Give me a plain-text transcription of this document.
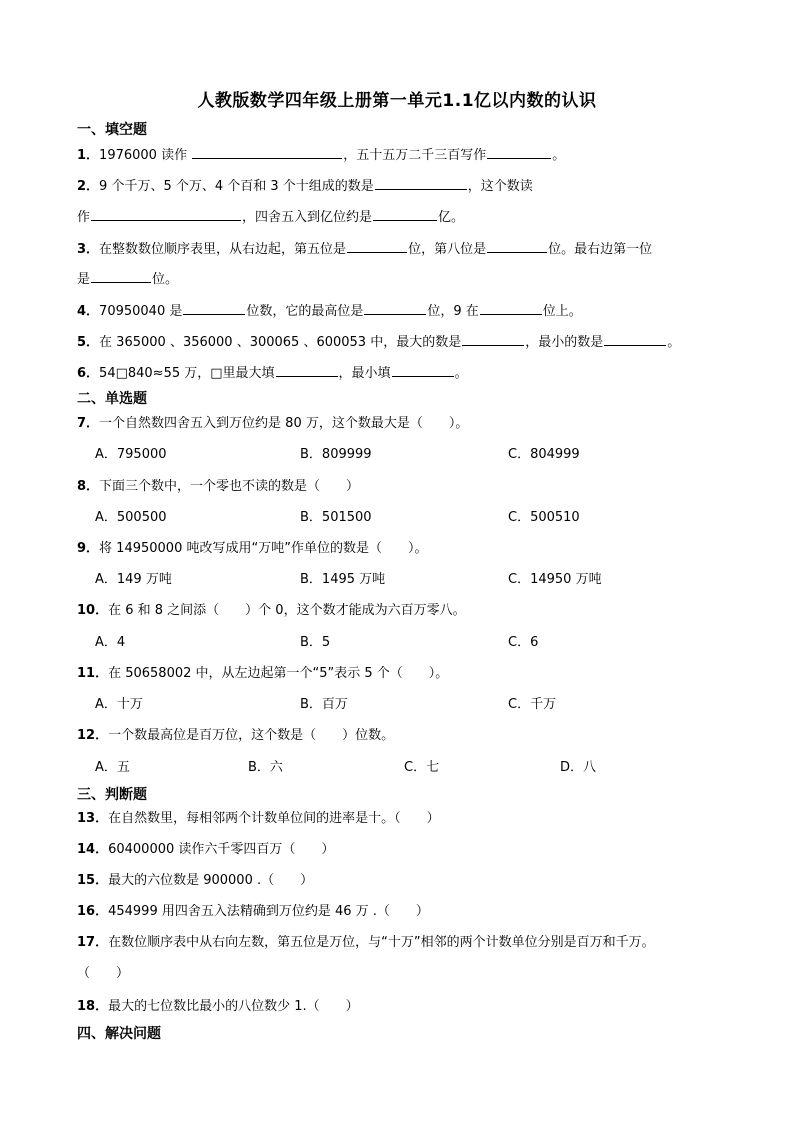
人教版数学四年级上册第一单元1.1亿以内数的认识
一、填空题
1．1976000 读作	，五十五万二千三百写作	。
2．9 个千万、5 个万、4 个百和 3 个十组成的数是	，这个数读
作	，四舍五入到亿位约是	亿。
3．在整数数位顺序表里，从右边起，第五位是	位，第八位是	位。最右边第一位
是	位。
4．70950040 是	位数，它的最高位是	位，9 在	位上。
5．在 365000 、356000 、300065 、600053 中，最大的数是	，最小的数是	。
6．54□840≈55 万，□里最大填	，最小填	。
二、单选题
7．一个自然数四舍五入到万位约是 80 万，这个数最大是（　　）。
A．795000	B．809999	C．804999
8．下面三个数中，一个零也不读的数是（　　）
A．500500	B．501500	C．500510
9．将 14950000 吨改写成用“万吨”作单位的数是（　　）。
A．149 万吨	B．1495 万吨	C．14950 万吨
10．在 6 和 8 之间添（　　）个 0，这个数才能成为六百万零八。
A．4	B．5	C．6
11．在 50658002 中，从左边起第一个“5”表示 5 个（　　）。
A．十万	B．百万	C．千万
12．一个数最高位是百万位，这个数是（　　）位数。
A．五	B．六	C．七	D．八
三、判断题
13．在自然数里，每相邻两个计数单位间的进率是十。（　　）
14．60400000 读作六千零四百万（　　）
15．最大的六位数是 900000 .（　　）
16．454999 用四舍五入法精确到万位约是 46 万 .（　　）
17．在数位顺序表中从右向左数，第五位是万位，与“十万”相邻的两个计数单位分别是百万和千万。
（　　）
18．最大的七位数比最小的八位数少 1.（　　）
四、解决问题
